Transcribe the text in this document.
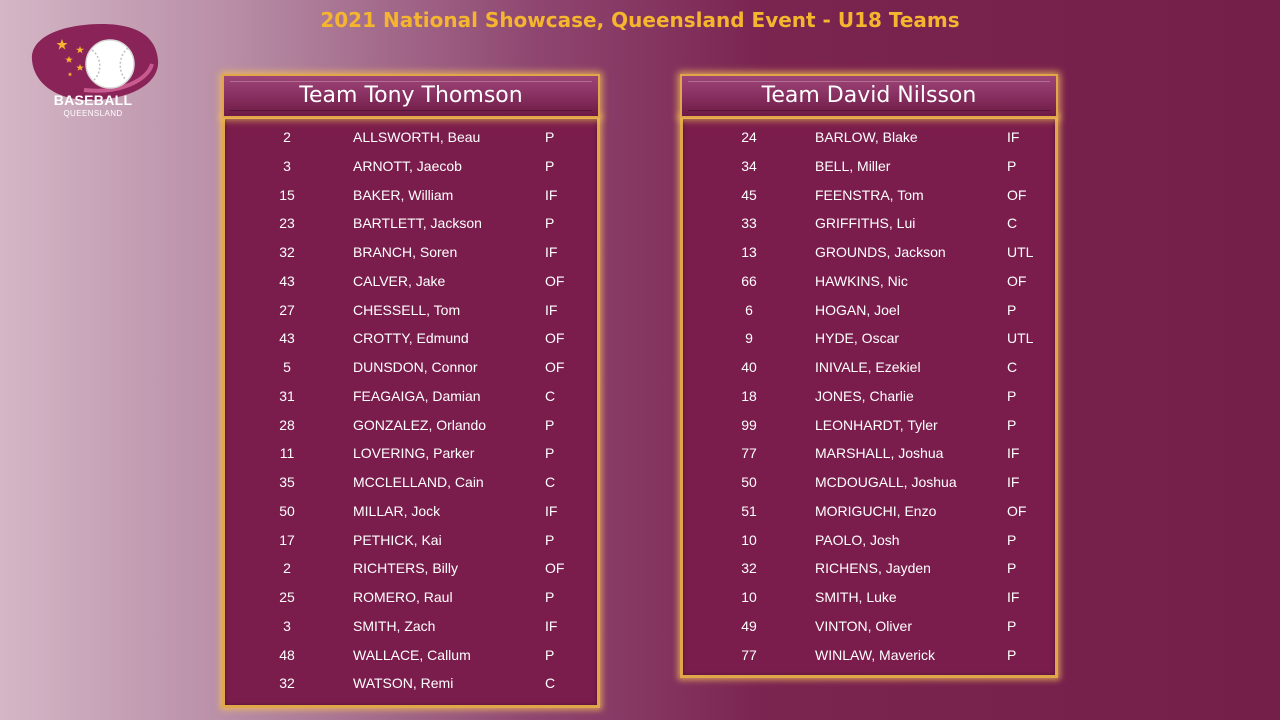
2021 National Showcase, Queensland Event - U18 Teams
BASEBALL
QUEENSLAND
Team Tony Thomson	Team David Nilsson
2	ALLSWORTH, Beau	P
3	ARNOTT, Jaecob	P
15	BAKER, William	IF
23	BARTLETT, Jackson	P
32	BRANCH, Soren	IF
43	CALVER, Jake	OF
27	CHESSELL, Tom	IF
43	CROTTY, Edmund	OF
5	DUNSDON, Connor	OF
31	FEAGAIGA, Damian	C
28	GONZALEZ, Orlando	P
11	LOVERING, Parker	P
35	MCCLELLAND, Cain	C
50	MILLAR, Jock	IF
17	PETHICK, Kai	P
2	RICHTERS, Billy	OF
25	ROMERO, Raul	P
3	SMITH, Zach	IF
48	WALLACE, Callum	P
32	WATSON, Remi	C
24	BARLOW, Blake	IF
34	BELL, Miller	P
45	FEENSTRA, Tom	OF
33	GRIFFITHS, Lui	C
13	GROUNDS, Jackson	UTL
66	HAWKINS, Nic	OF
6	HOGAN, Joel	P
9	HYDE, Oscar	UTL
40	INIVALE, Ezekiel	C
18	JONES, Charlie	P
99	LEONHARDT, Tyler	P
77	MARSHALL, Joshua	IF
50	MCDOUGALL, Joshua	IF
51	MORIGUCHI, Enzo	OF
10	PAOLO, Josh	P
32	RICHENS, Jayden	P
10	SMITH, Luke	IF
49	VINTON, Oliver	P
77	WINLAW, Maverick	P
